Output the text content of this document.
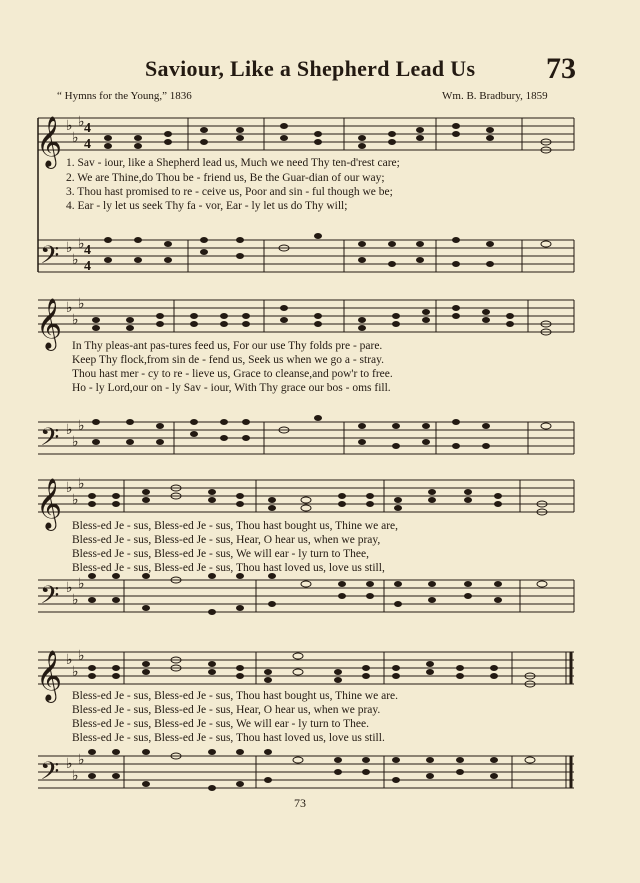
Saviour, Like a Shepherd Lead Us 73
“ Hymns for the Young,” 1836	Wm. B. Bradbury, 1859
𝄞
𝄢
♭
♭
♭
♭
♭
♭
4
4
4
4
1. Sav - iour, like a Shepherd lead us, Much we need Thy ten-d'rest care;
2. We are Thine,do Thou be - friend us, Be the Guar-dian of our way;
3. Thou hast promised to re - ceive us, Poor and sin - ful though we be;
4. Ear - ly let us seek Thy fa - vor, Ear - ly let us do Thy will;
𝄞
𝄢
♭
♭
♭
♭
♭
♭
In Thy pleas-ant pas-tures feed us, For our use Thy folds pre - pare.
Keep Thy flock,from sin de - fend us, Seek us when we go a - stray.
Thou hast mer - cy to re - lieve us, Grace to cleanse,and pow'r to free.
Ho - ly Lord,our on - ly Sav - iour, With Thy grace our bos - oms fill.
𝄞
𝄢
♭
♭
♭
♭
♭
♭
Bless-ed Je - sus, Bless-ed Je - sus, Thou hast bought us, Thine we are,
Bless-ed Je - sus, Bless-ed Je - sus, Hear, O hear us, when we pray,
Bless-ed Je - sus, Bless-ed Je - sus, We will ear - ly turn to Thee,
Bless-ed Je - sus, Bless-ed Je - sus, Thou hast loved us, love us still,
𝄞
𝄢
♭
♭
♭
♭
♭
♭
Bless-ed Je - sus, Bless-ed Je - sus, Thou hast bought us, Thine we are.
Bless-ed Je - sus, Bless-ed Je - sus, Hear, O hear us, when we pray.
Bless-ed Je - sus, Bless-ed Je - sus, We will ear - ly turn to Thee.
Bless-ed Je - sus, Bless-ed Je - sus, Thou hast loved us, love us still.
73
